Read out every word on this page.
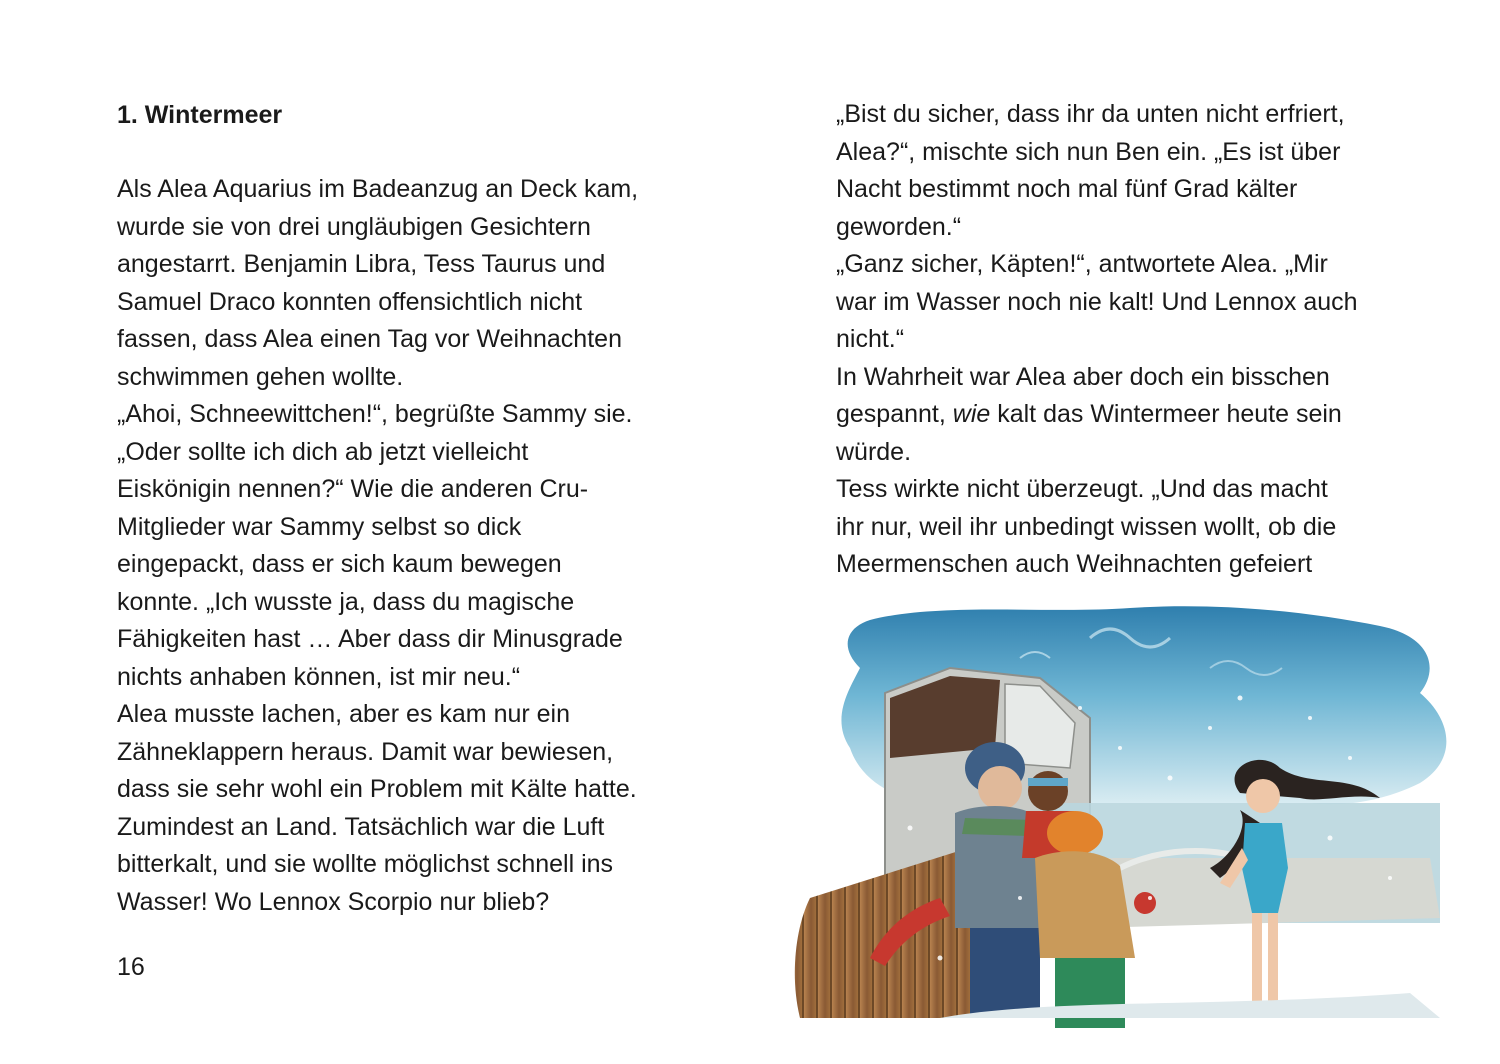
1. Wintermeer
Als Alea Aquarius im Badeanzug an Deck kam,
wurde sie von drei ungläubigen Gesichtern
angestarrt. Benjamin Libra, Tess Taurus und
Samuel Draco konnten offensichtlich nicht
fassen, dass Alea einen Tag vor Weihnachten
schwimmen gehen wollte.
„Ahoi, Schneewittchen!“, begrüßte Sammy sie.
„Oder sollte ich dich ab jetzt vielleicht
Eiskönigin nennen?“ Wie die anderen Cru-
Mitglieder war Sammy selbst so dick
eingepackt, dass er sich kaum bewegen
konnte. „Ich wusste ja, dass du magische
Fähigkeiten hast … Aber dass dir Minusgrade
nichts anhaben können, ist mir neu.“
Alea musste lachen, aber es kam nur ein
Zähneklappern heraus. Damit war bewiesen,
dass sie sehr wohl ein Problem mit Kälte hatte.
Zumindest an Land. Tatsächlich war die Luft
bitterkalt, und sie wollte möglichst schnell ins
Wasser! Wo Lennox Scorpio nur blieb?
16
„Bist du sicher, dass ihr da unten nicht erfriert,
Alea?“, mischte sich nun Ben ein. „Es ist über
Nacht bestimmt noch mal fünf Grad kälter
geworden.“
„Ganz sicher, Käpten!“, antwortete Alea. „Mir
war im Wasser noch nie kalt! Und Lennox auch
nicht.“
In Wahrheit war Alea aber doch ein bisschen
gespannt, wie kalt das Wintermeer heute sein
würde.
Tess wirkte nicht überzeugt. „Und das macht
ihr nur, weil ihr unbedingt wissen wollt, ob die
Meermenschen auch Weihnachten gefeiert
